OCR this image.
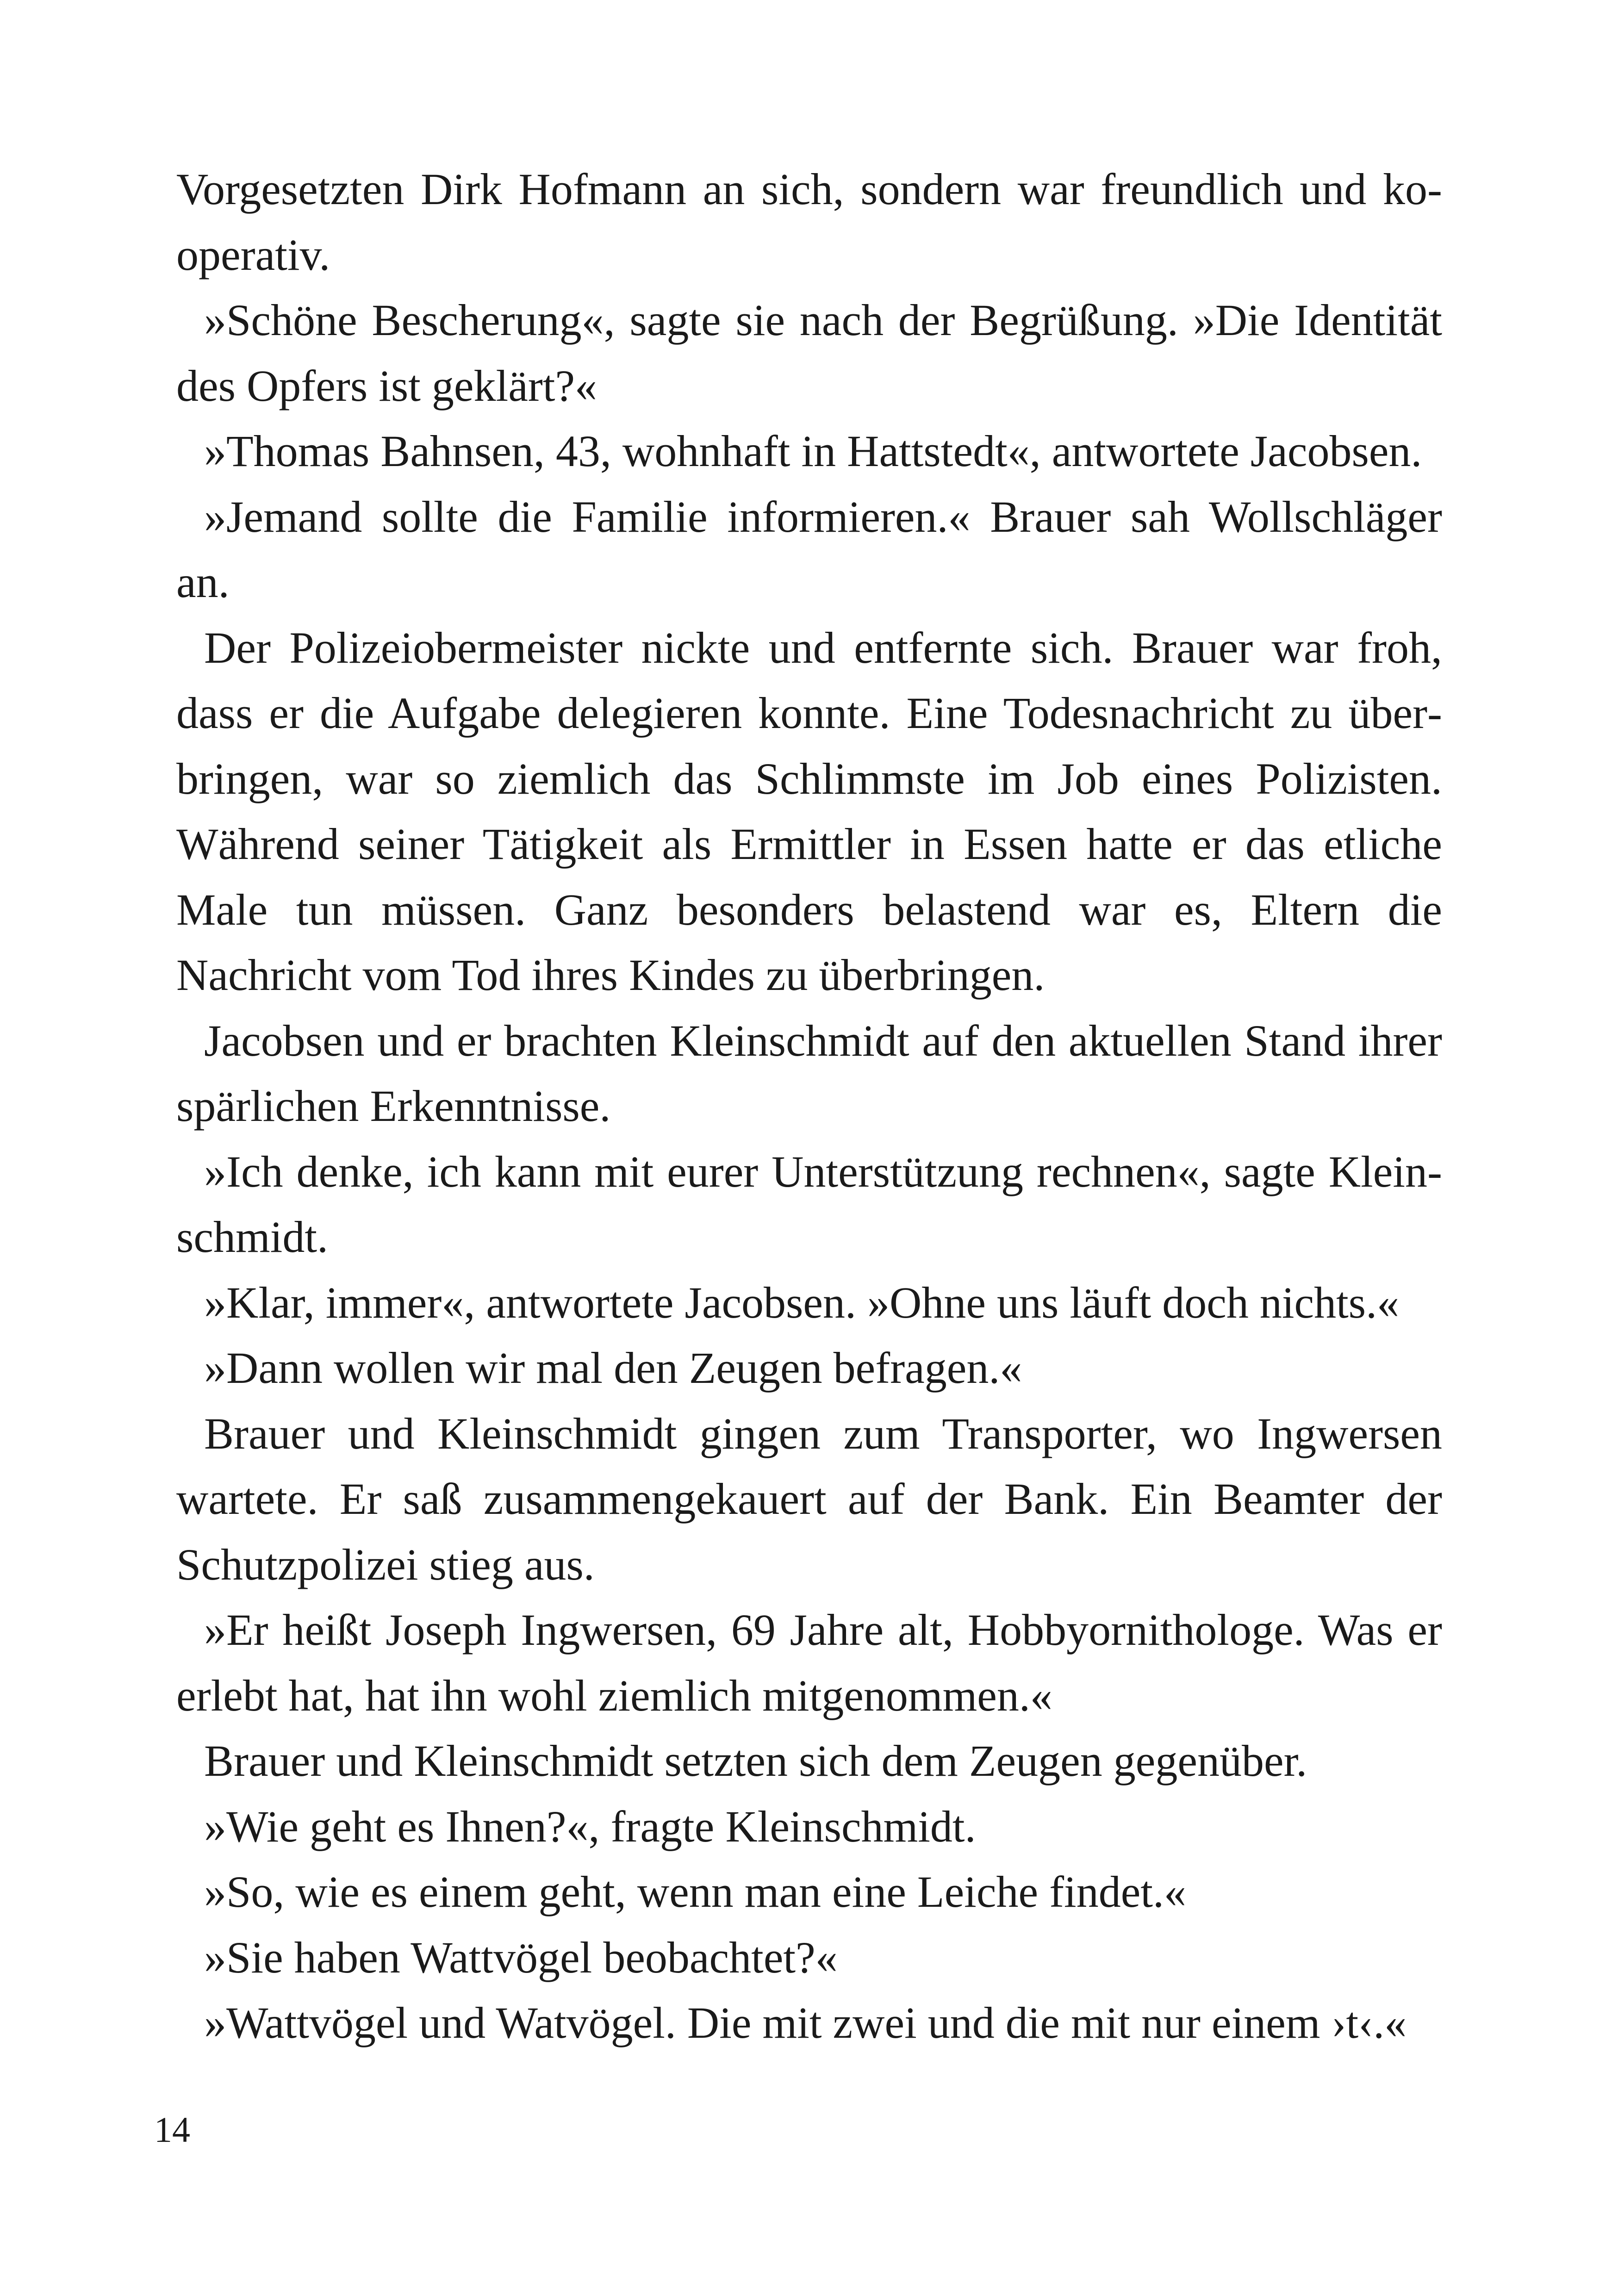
Vorgesetzten Dirk Hofmann an sich, sondern war freundlich und kooperativ.

»Schöne Bescherung«, sagte sie nach der Begrüßung. »Die Identität des Opfers ist geklärt?«

»Thomas Bahnsen, 43, wohnhaft in Hattstedt«, antwortete Jacobsen.

»Jemand sollte die Familie informieren.« Brauer sah Wollschläger an.

Der Polizeiobermeister nickte und entfernte sich. Brauer war froh, dass er die Aufgabe delegieren konnte. Eine Todesnachricht zu überbringen, war so ziemlich das Schlimmste im Job eines Polizisten. Während seiner Tätigkeit als Ermittler in Essen hatte er das etliche Male tun müssen. Ganz besonders belastend war es, Eltern die Nachricht vom Tod ihres Kindes zu überbringen.

Jacobsen und er brachten Kleinschmidt auf den aktuellen Stand ihrer spärlichen Erkenntnisse.

»Ich denke, ich kann mit eurer Unterstützung rechnen«, sagte Kleinschmidt.

»Klar, immer«, antwortete Jacobsen. »Ohne uns läuft doch nichts.«

»Dann wollen wir mal den Zeugen befragen.«

Brauer und Kleinschmidt gingen zum Transporter, wo Ingwersen wartete. Er saß zusammengekauert auf der Bank. Ein Beamter der Schutzpolizei stieg aus.

»Er heißt Joseph Ingwersen, 69 Jahre alt, Hobbyornithologe. Was er erlebt hat, hat ihn wohl ziemlich mitgenommen.«

Brauer und Kleinschmidt setzten sich dem Zeugen gegenüber.

»Wie geht es Ihnen?«, fragte Kleinschmidt.

»So, wie es einem geht, wenn man eine Leiche findet.«

»Sie haben Wattvögel beobachtet?«

»Wattvögel und Watvögel. Die mit zwei und die mit nur einem ›t‹.«

14
